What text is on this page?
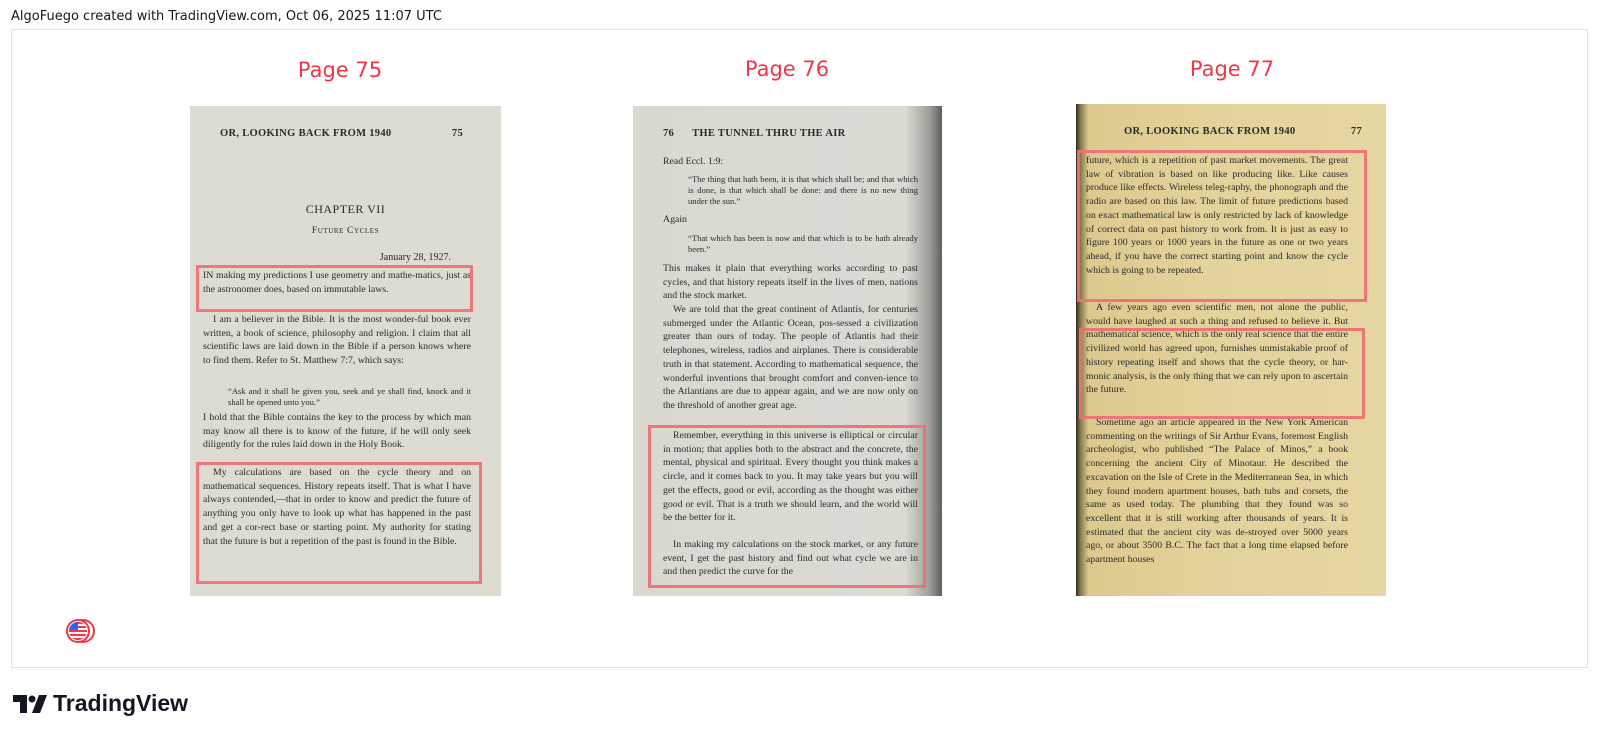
AlgoFuego created with TradingView.com, Oct 06, 2025 11:07 UTC
Page 75	Page 76	Page 77
OR, LOOKING BACK FROM 1940	75
CHAPTER VII
Future Cycles
January 28, 1927.
IN making my predictions I use geometry and mathe-matics, just as the astronomer does, based on immutable laws.
I am a believer in the Bible. It is the most wonder-ful book ever written, a book of science, philosophy and religion. I claim that all scientific laws are laid down in the Bible if a person knows where to find them. Refer to St. Matthew 7:7, which says:
“Ask and it shall be given you, seek and ye shall find, knock and it shall be opened unto you.”
I hold that the Bible contains the key to the process by which man may know all there is to know of the future, if he will only seek diligently for the rules laid down in the Holy Book.
My calculations are based on the cycle theory and on mathematical sequences. History repeats itself. That is what I have always contended,—that in order to know and predict the future of anything you only have to look up what has happened in the past and get a cor-rect base or starting point. My authority for stating that the future is but a repetition of the past is found in the Bible.
76 THE TUNNEL THRU THE AIR
Read Eccl. 1:9:
“The thing that hath been, it is that which shall be; and that which is done, is that which shall be done: and there is no new thing under the sun.”
Again
“That which has been is now and that which is to be hath already been.”
This makes it plain that everything works according to past cycles, and that history repeats itself in the lives of men, nations and the stock market.
We are told that the great continent of Atlantis, for centuries submerged under the Atlantic Ocean, pos-sessed a civilization greater than ours of today. The people of Atlantis had their telephones, wireless, radios and airplanes. There is considerable truth in that statement. According to mathematical sequence, the wonderful inventions that brought comfort and conven-ience to the Atlantians are due to appear again, and we are now only on the threshold of another great age.
Remember, everything in this universe is elliptical or circular in motion; that applies both to the abstract and the concrete, the mental, physical and spiritual. Every thought you think makes a circle, and it comes back to you. It may take years but you will get the effects, good or evil, according as the thought was either good or evil. That is a truth we should learn, and the world will be the better for it.
In making my calculations on the stock market, or any future event, I get the past history and find out what cycle we are in and then predict the curve for the
OR, LOOKING BACK FROM 1940	77
future, which is a repetition of past market movements. The great law of vibration is based on like producing like. Like causes produce like effects. Wireless teleg-raphy, the phonograph and the radio are based on this law. The limit of future predictions based on exact mathematical law is only restricted by lack of knowledge of correct data on past history to work from. It is just as easy to figure 100 years or 1000 years in the future as one or two years ahead, if you have the correct starting point and know the cycle which is going to be repeated.
A few years ago even scientific men, not alone the public, would have laughed at such a thing and refused to believe it. But mathematical science, which is the only real science that the entire civilized world has agreed upon, furnishes unmistakable proof of history repeating itself and shows that the cycle theory, or har-monic analysis, is the only thing that we can rely upon to ascertain the future.
Sometime ago an article appeared in the New York American commenting on the writings of Sir Arthur Evans, foremost English archeologist, who published “The Palace of Minos,” a book concerning the ancient City of Minotaur. He described the excavation on the Isle of Crete in the Mediterranean Sea, in which they found modern apartment houses, bath tubs and corsets, the same as used today. The plumbing that they found was so excellent that it is still working after thousands of years. It is estimated that the ancient city was de-stroyed over 5000 years ago, or about 3500 B.C. The fact that a long time elapsed before apartment houses
TradingView
